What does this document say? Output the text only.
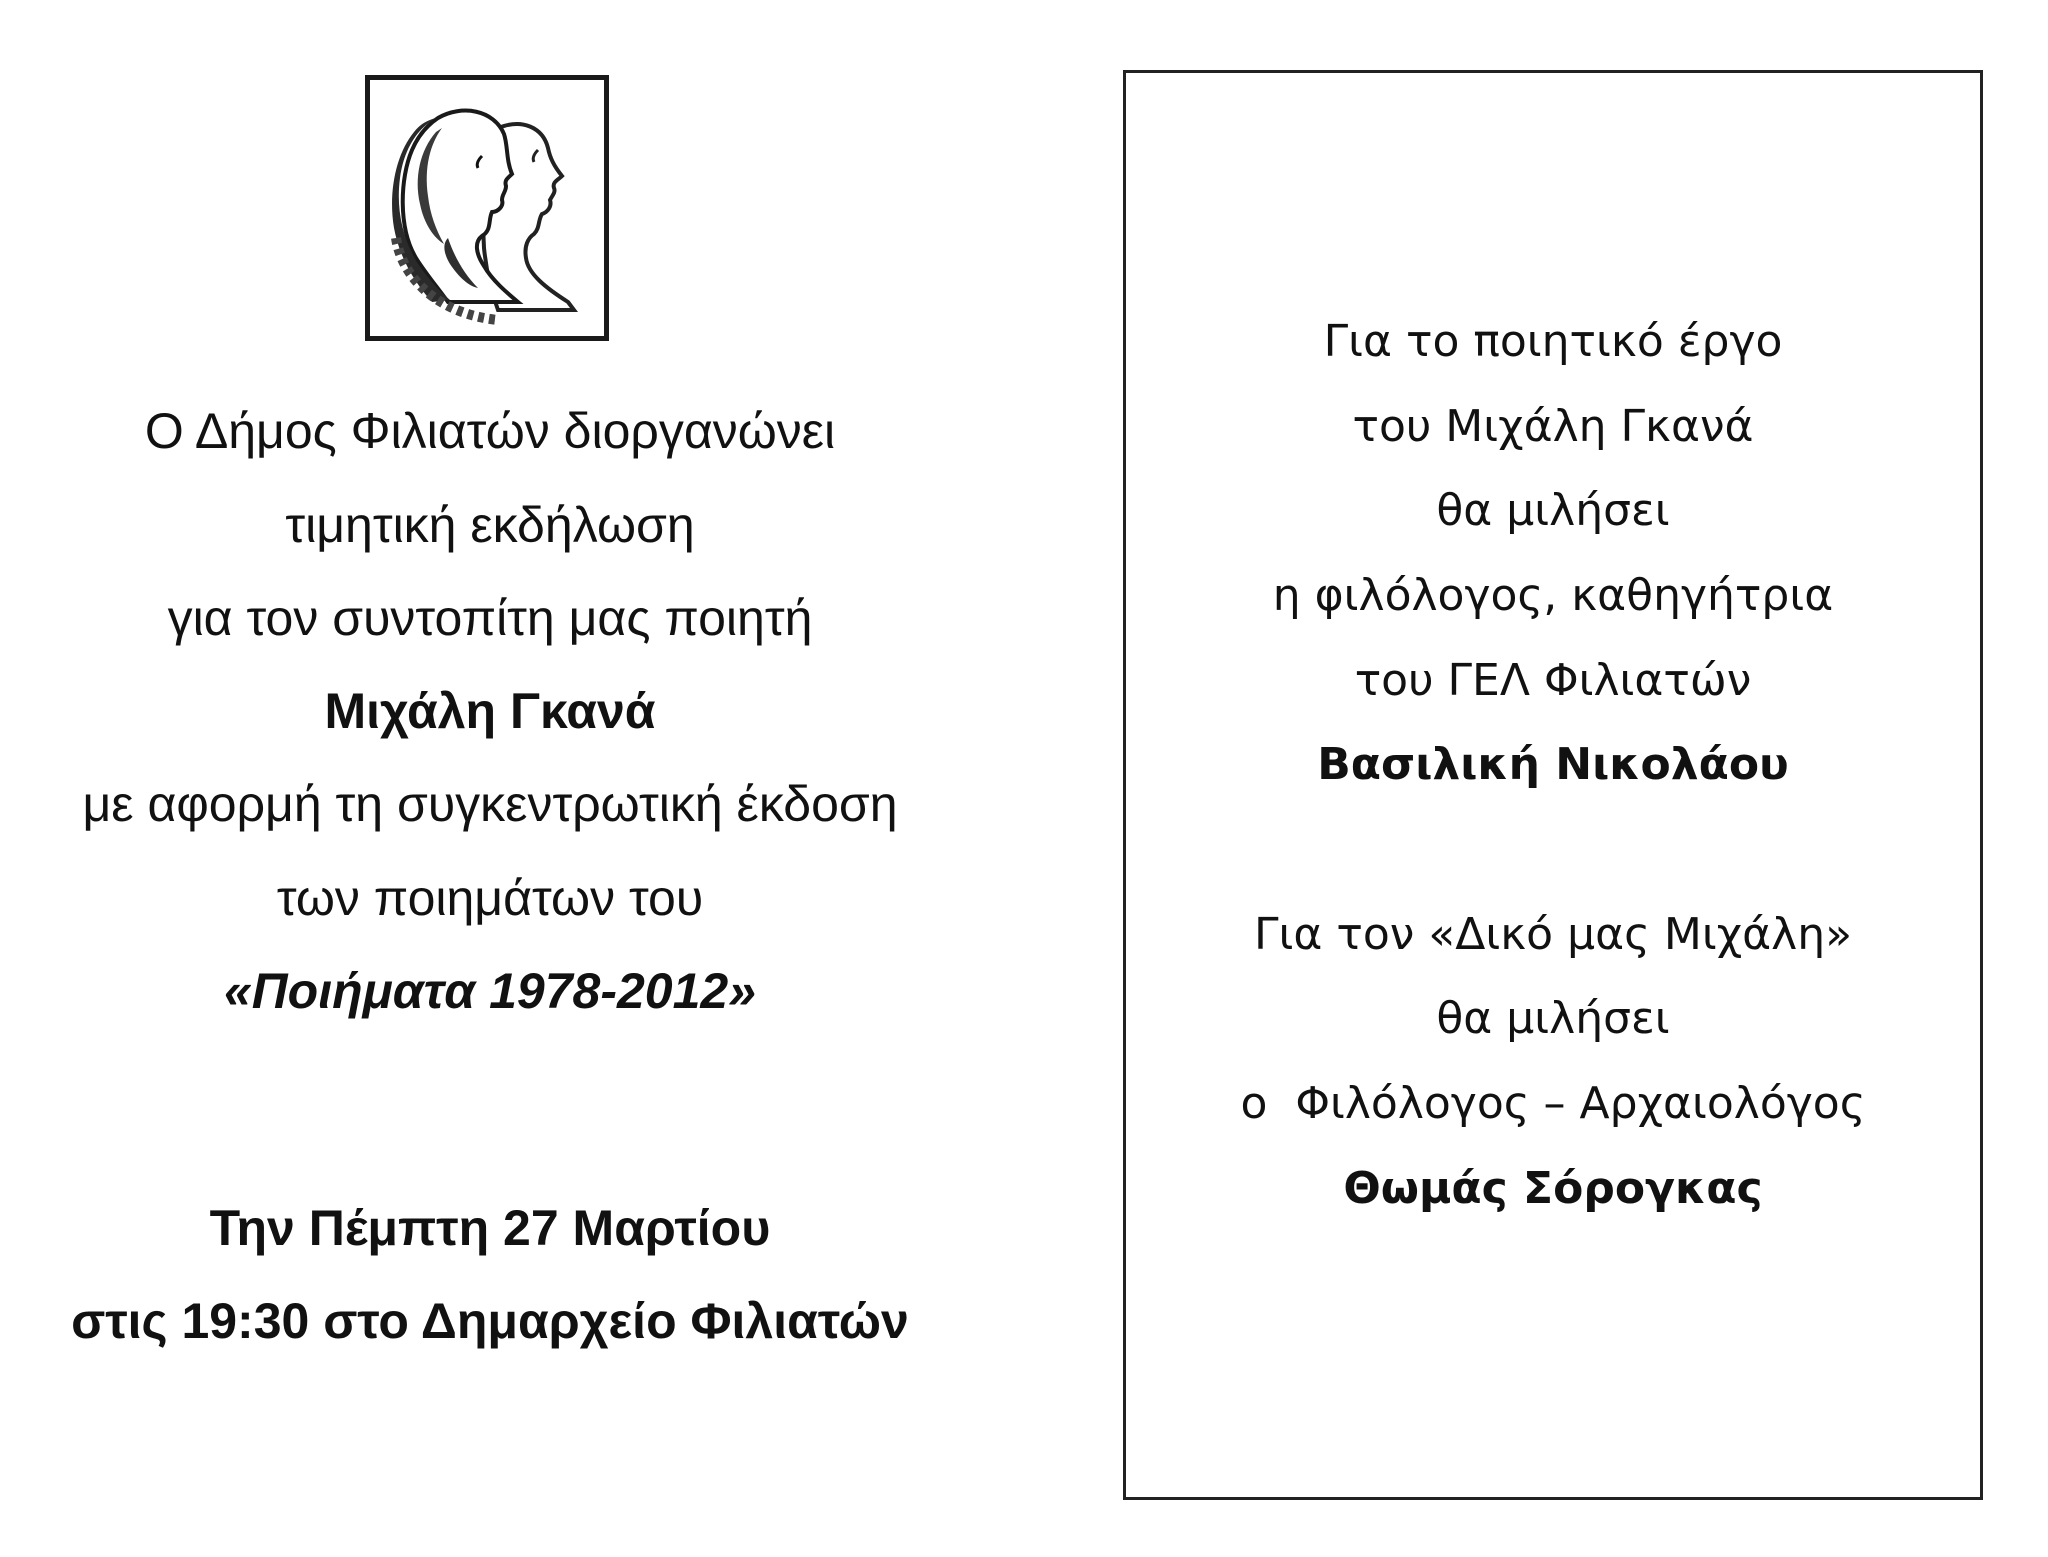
Ο Δήμος Φιλιατών διοργανώνει
τιμητική εκδήλωση
για τον συντοπίτη μας ποιητή
Μιχάλη Γκανά
με αφορμή τη συγκεντρωτική έκδοση
των ποιημάτων του
«Ποιήματα 1978-2012»
Την Πέμπτη 27 Μαρτίου
στις 19:30 στο Δημαρχείο Φιλιατών
Για το ποιητικό έργο
του Μιχάλη Γκανά
θα μιλήσει
η φιλόλογος, καθηγήτρια
του ΓΕΛ Φιλιατών
Βασιλική Νικολάου
Για τον «Δικό μας Μιχάλη»
θα μιλήσει
ο  Φιλόλογος – Αρχαιολόγος
Θωμάς Σόρογκας
